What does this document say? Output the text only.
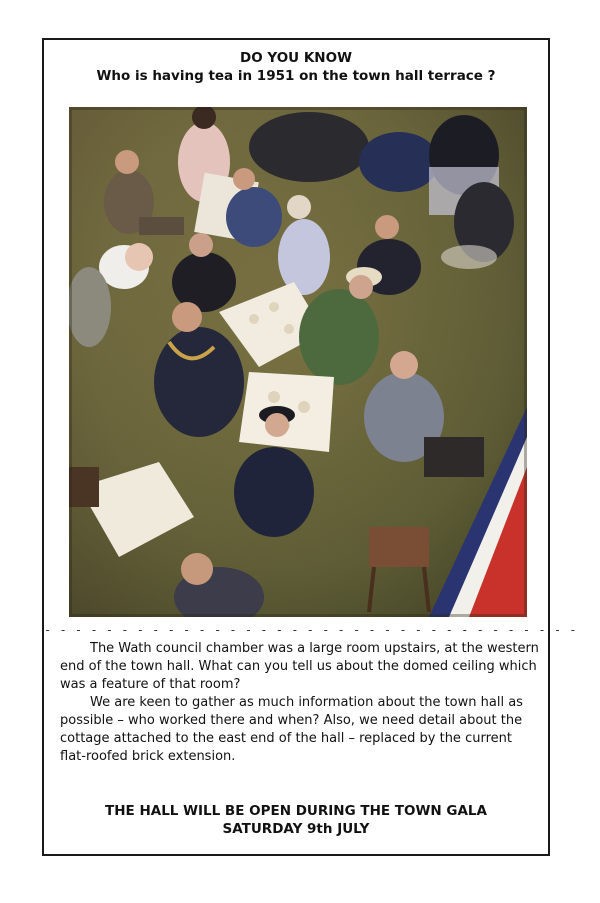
DO YOU KNOW
Who is having tea in 1951 on the town hall terrace ?
- - - - - - - - - - - - - - - - - - - - - - - - - - - - - - - - - - -

The Wath council chamber was a large room upstairs, at the western end of the town hall. What can you tell us about the domed ceiling which was a feature of that room?

We are keen to gather as much information about the town hall as possible – who worked there and when? Also, we need detail about the cottage attached to the east end of the hall – replaced by the current flat-roofed brick extension.

THE HALL WILL BE OPEN DURING THE TOWN GALA
SATURDAY 9th JULY
